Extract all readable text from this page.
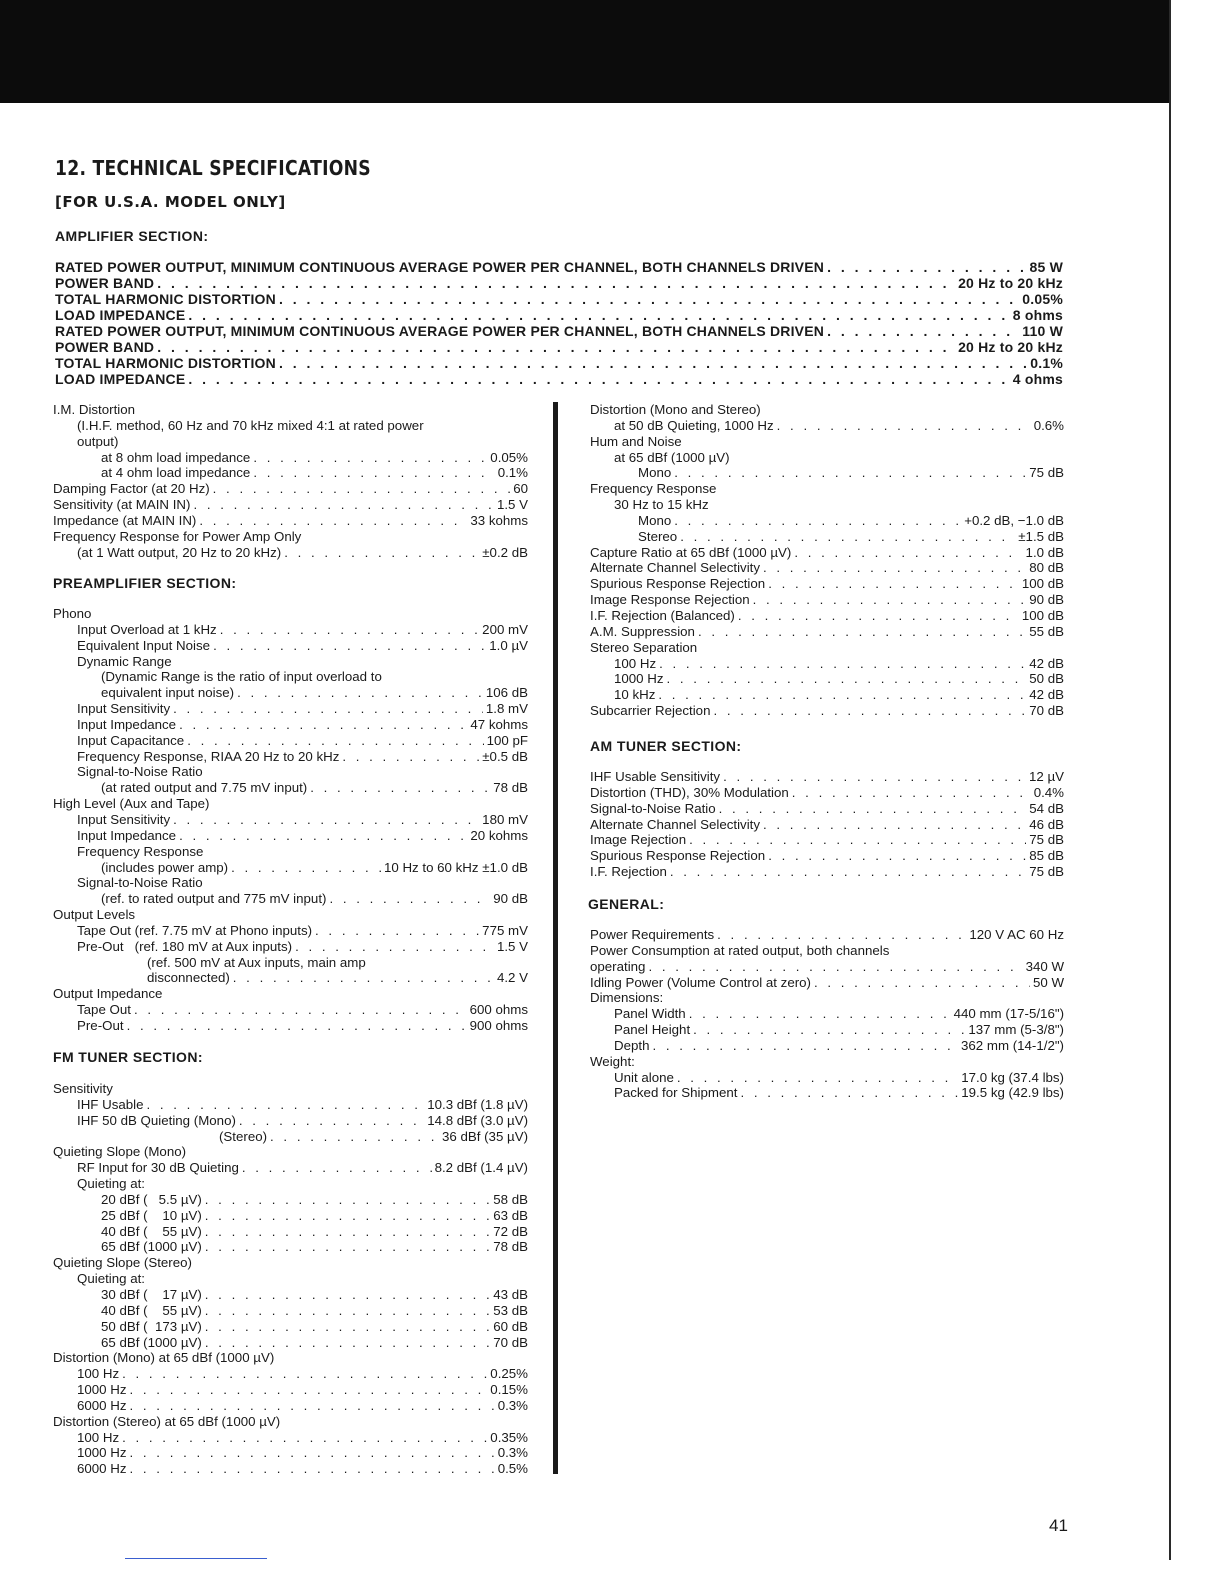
12. TECHNICAL SPECIFICATIONS
[FOR U.S.A. MODEL ONLY]
AMPLIFIER SECTION:
RATED POWER OUTPUT, MINIMUM CONTINUOUS AVERAGE POWER PER CHANNEL, BOTH CHANNELS DRIVEN . . .	85 W
POWER BAND . . .	20 Hz to 20 kHz
TOTAL HARMONIC DISTORTION . . .	0.05%
LOAD IMPEDANCE . . .	8 ohms
RATED POWER OUTPUT, MINIMUM CONTINUOUS AVERAGE POWER PER CHANNEL, BOTH CHANNELS DRIVEN . . .	110 W
POWER BAND . . .	20 Hz to 20 kHz
TOTAL HARMONIC DISTORTION . . .	0.1%
LOAD IMPEDANCE . . .	4 ohms
I.M. Distortion
(I.H.F. method, 60 Hz and 70 kHz mixed 4:1 at rated power
output)
at 8 ohm load impedance . . .	0.05%
at 4 ohm load impedance . . .	0.1%
Damping Factor (at 20 Hz) . . .	60
Sensitivity (at MAIN IN) . . .	1.5 V
Impedance (at MAIN IN) . . .	33 kohms
Frequency Response for Power Amp Only
(at 1 Watt output, 20 Hz to 20 kHz) . . .	±0.2 dB
PREAMPLIFIER SECTION:
Phono
Input Overload at 1 kHz . . .	200 mV
Equivalent Input Noise . . .	1.0 µV
Dynamic Range
(Dynamic Range is the ratio of input overload to
equivalent input noise) . . .	106 dB
Input Sensitivity . . .	1.8 mV
Input Impedance . . .	47 kohms
Input Capacitance . . .	100 pF
Frequency Response, RIAA 20 Hz to 20 kHz . . .	±0.5 dB
Signal-to-Noise Ratio
(at rated output and 7.75 mV input) . . .	78 dB
High Level (Aux and Tape)
Input Sensitivity . . .	180 mV
Input Impedance . . .	20 kohms
Frequency Response
(includes power amp) . . .	10 Hz to 60 kHz ±1.0 dB
Signal-to-Noise Ratio
(ref. to rated output and 775 mV input) . . .	90 dB
Output Levels
Tape Out (ref. 7.75 mV at Phono inputs) . . .	775 mV
Pre-Out   (ref. 180 mV at Aux inputs) . . .	1.5 V
(ref. 500 mV at Aux inputs, main amp
disconnected) . . .	4.2 V
Output Impedance
Tape Out . . .	600 ohms
Pre-Out . . .	900 ohms
FM TUNER SECTION:
Sensitivity
IHF Usable . . .	10.3 dBf (1.8 µV)
IHF 50 dB Quieting (Mono) . . .	14.8 dBf (3.0 µV)
(Stereo) . . .	36 dBf (35 µV)
Quieting Slope (Mono)
RF Input for 30 dB Quieting . . .	8.2 dBf (1.4 µV)
Quieting at:
20 dBf (   5.5 µV) . . .	58 dB
25 dBf (    10 µV) . . .	63 dB
40 dBf (    55 µV) . . .	72 dB
65 dBf (1000 µV) . . .	78 dB
Quieting Slope (Stereo)
Quieting at:
30 dBf (    17 µV) . . .	43 dB
40 dBf (    55 µV) . . .	53 dB
50 dBf (  173 µV) . . .	60 dB
65 dBf (1000 µV) . . .	70 dB
Distortion (Mono) at 65 dBf (1000 µV)
100 Hz . . .	0.25%
1000 Hz . . .	0.15%
6000 Hz . . .	0.3%
Distortion (Stereo) at 65 dBf (1000 µV)
100 Hz . . .	0.35%
1000 Hz . . .	0.3%
6000 Hz . . .	0.5%
Distortion (Mono and Stereo)
at 50 dB Quieting, 1000 Hz . . .	0.6%
Hum and Noise
at 65 dBf (1000 µV)
Mono . . .	75 dB
Frequency Response
30 Hz to 15 kHz
Mono . . .	+0.2 dB, −1.0 dB
Stereo . . .	±1.5 dB
Capture Ratio at 65 dBf (1000 µV) . . .	1.0 dB
Alternate Channel Selectivity . . .	80 dB
Spurious Response Rejection . . .	100 dB
Image Response Rejection . . .	90 dB
I.F. Rejection (Balanced) . . .	100 dB
A.M. Suppression . . .	55 dB
Stereo Separation
100 Hz . . .	42 dB
1000 Hz . . .	50 dB
10 kHz . . .	42 dB
Subcarrier Rejection . . .	70 dB
AM TUNER SECTION:
IHF Usable Sensitivity . . .	12 µV
Distortion (THD), 30% Modulation . . .	0.4%
Signal-to-Noise Ratio . . .	54 dB
Alternate Channel Selectivity . . .	46 dB
Image Rejection . . .	75 dB
Spurious Response Rejection . . .	85 dB
I.F. Rejection . . .	75 dB
GENERAL:
Power Requirements . . .	120 V AC 60 Hz
Power Consumption at rated output, both channels
operating . . .	340 W
Idling Power (Volume Control at zero) . . .	50 W
Dimensions:
Panel Width . . .	440 mm (17-5/16")
Panel Height . . .	137 mm (5-3/8")
Depth . . .	362 mm (14-1/2")
Weight:
Unit alone . . .	17.0 kg (37.4 lbs)
Packed for Shipment . . .	19.5 kg (42.9 lbs)
41
